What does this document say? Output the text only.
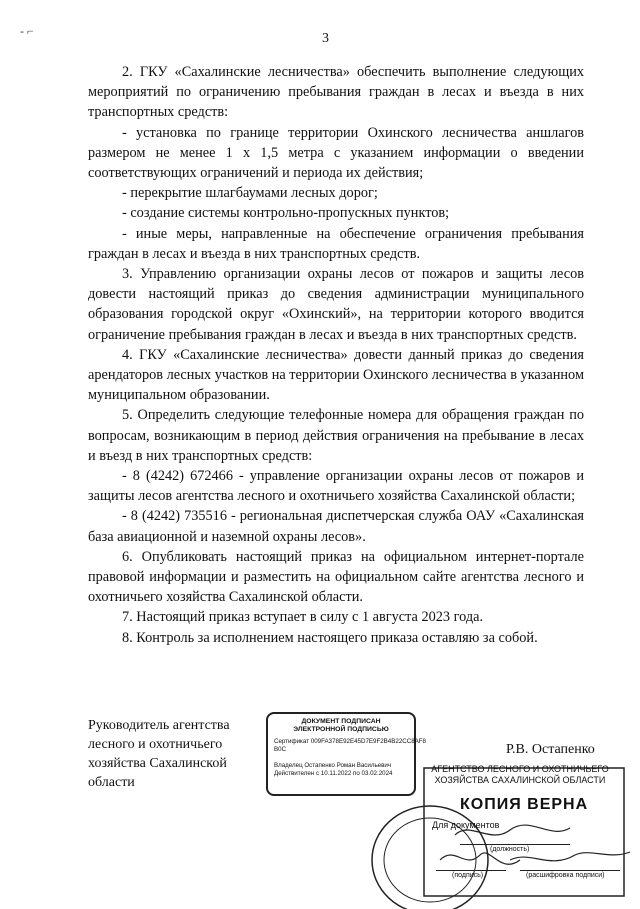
- ⌐	3

2. ГКУ «Сахалинские лесничества» обеспечить выполнение следующих мероприятий по ограничению пребывания граждан в лесах и въезда в них транспортных средств:

- установка по границе территории Охинского лесничества аншлагов размером не менее 1 х 1,5 метра с указанием информации о введении соответствующих ограничений и периода их действия;

- перекрытие шлагбаумами лесных дорог;

- создание системы контрольно-пропускных пунктов;

- иные меры, направленные на обеспечение ограничения пребывания граждан в лесах и въезда в них транспортных средств.

3. Управлению организации охраны лесов от пожаров и защиты лесов довести настоящий приказ до сведения администрации муниципального образования городской округ «Охинский», на территории которого вводится ограничение пребывания граждан в лесах и въезда в них транспортных средств.

4. ГКУ «Сахалинские лесничества» довести данный приказ до сведения арендаторов лесных участков на территории Охинского лесничества в указанном муниципальном образовании.

5. Определить следующие телефонные номера для обращения граждан по вопросам, возникающим в период действия ограничения на пребывание в лесах и въезд в них транспортных средств:

- 8 (4242) 672466 - управление организации охраны лесов от пожаров и защиты лесов агентства лесного и охотничьего хозяйства Сахалинской области;

- 8 (4242) 735516 - региональная диспетчерская служба ОАУ «Сахалинская база авиационной и наземной охраны лесов».

6. Опубликовать настоящий приказ на официальном интернет-портале правовой информации и разместить на официальном сайте агентства лесного и охотничьего хозяйства Сахалинской области.

7. Настоящий приказ вступает в силу с 1 августа 2023 года.

8. Контроль за исполнением настоящего приказа оставляю за собой.

Руководитель агентства лесного и охотничьего хозяйства Сахалинской области
Р.В. Остапенко
ДОКУМЕНТ ПОДПИСАН
ЭЛЕКТРОННОЙ ПОДПИСЬЮ
Сертификат 009FA378E92E45D7E9F2B4B22CC8AF8
B0C
Владелец Остапенко Роман Васильевич
Действителен с 10.11.2022 по 03.02.2024	АГЕНТСТВО ЛЕСНОГО И ОХОТНИЧЬЕГО ХОЗЯЙСТВА САХАЛИНСКОЙ ОБЛАСТИ
КОПИЯ ВЕРНА
Для документов
(должность)
(подпись)	(расшифровка подписи)
